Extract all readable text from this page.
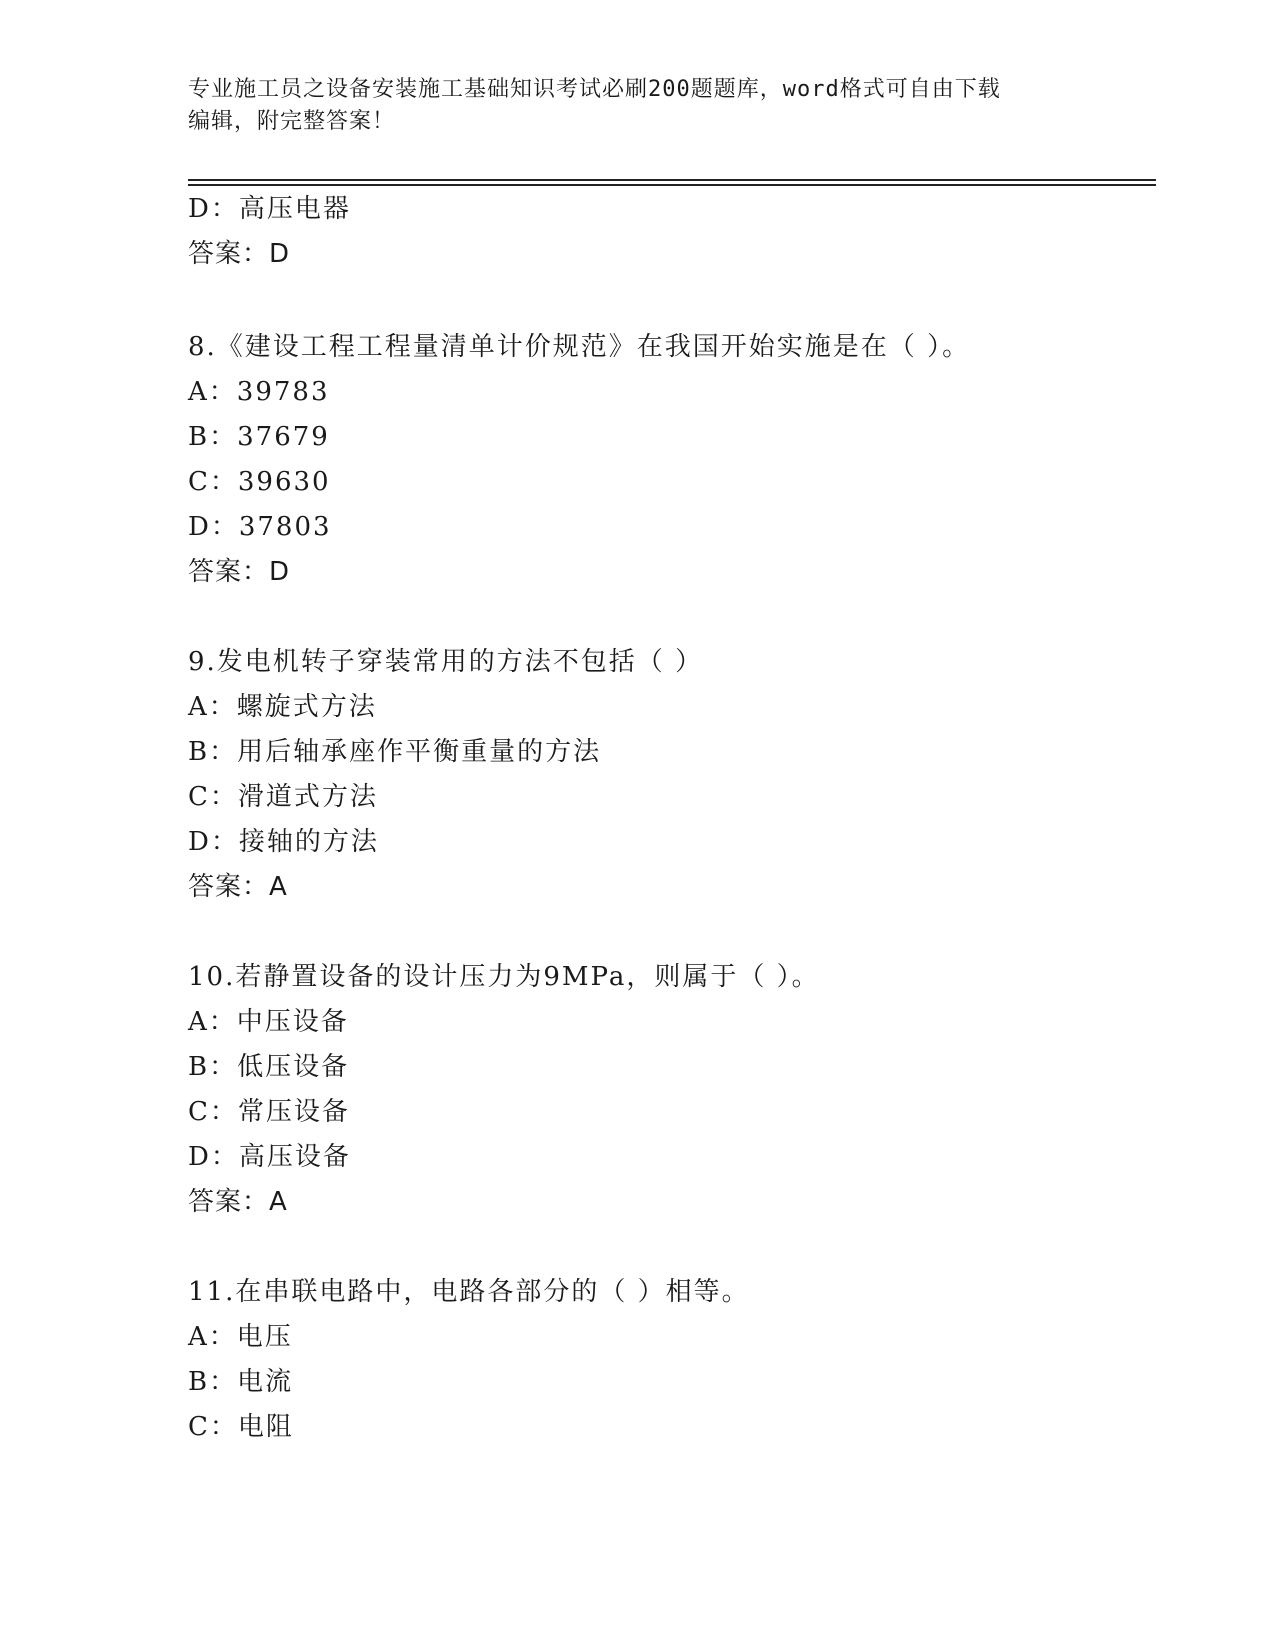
专业施工员之设备安装施工基础知识考试必刷200题题库，word格式可自由下载
编辑，附完整答案！
D：高压电器
答案：D
8.《建设工程工程量清单计价规范》在我国开始实施是在（ ）。
A：39783
B：37679
C：39630
D：37803
答案：D
9.发电机转子穿装常用的方法不包括（ ）
A：螺旋式方法
B：用后轴承座作平衡重量的方法
C：滑道式方法
D：接轴的方法
答案：A
10.若静置设备的设计压力为9MPa，则属于（ ）。
A：中压设备
B：低压设备
C：常压设备
D：高压设备
答案：A
11.在串联电路中，电路各部分的（ ）相等。
A：电压
B：电流
C：电阻
